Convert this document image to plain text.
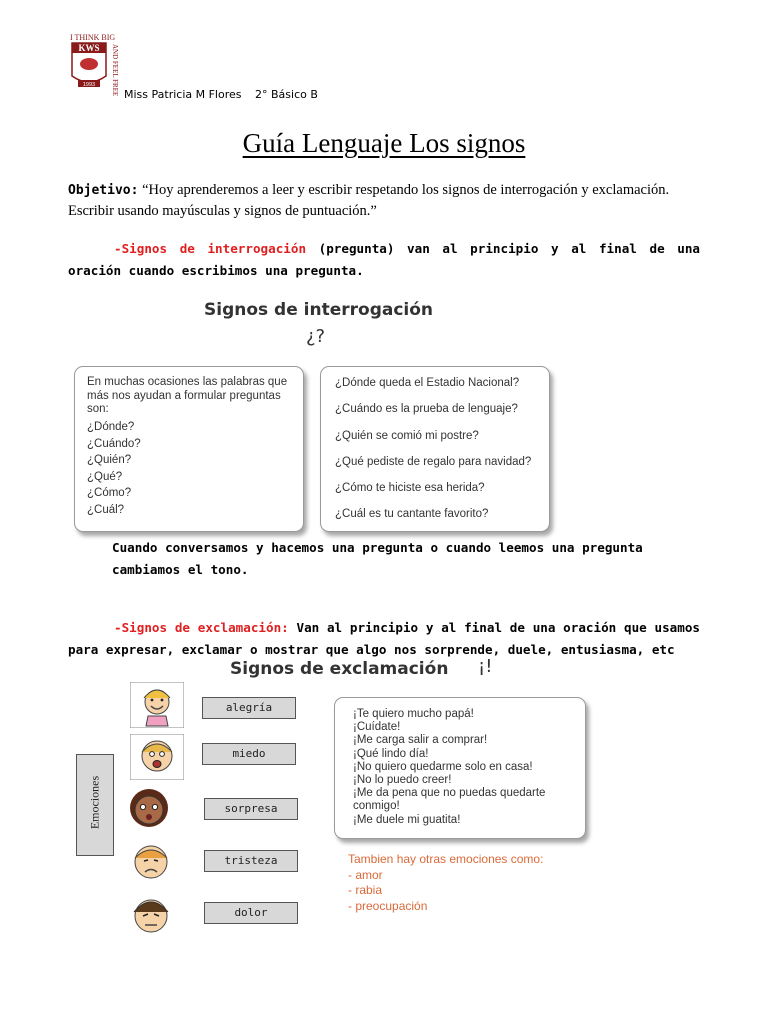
I THINK BIG
KWS
1993 AND FEEL FREE Miss Patricia M Flores 2° Básico B
Guía Lenguaje Los signos
Objetivo: “Hoy aprenderemos a leer y escribir respetando los signos de interrogación y exclamación. Escribir usando mayúsculas y signos de puntuación.”
-Signos de interrogación (pregunta) van al principio y al final de una oración cuando escribimos una pregunta.
Signos de interrogación
¿?

En muchas ocasiones las palabras que más nos ayudan a formular preguntas son:

¿Dónde?
¿Cuándo?
¿Quién?
¿Qué?
¿Cómo?
¿Cuál?
¿Dónde queda el Estadio Nacional?
¿Cuándo es la prueba de lenguaje?
¿Quién se comió mi postre?
¿Qué pediste de regalo para navidad?
¿Cómo te hiciste esa herida?
¿Cuál es tu cantante favorito?
Cuando conversamos y hacemos una pregunta o cuando leemos una pregunta cambiamos el tono.
-Signos de exclamación: Van al principio y al final de una oración que usamos para expresar, exclamar o mostrar que algo nos sorprende, duele, entusiasma, etc
Signos de exclamación ¡!
Emociones
alegría
miedo
sorpresa
tristeza
dolor
¡Te quiero mucho papá!
¡Cuídate!
¡Me carga salir a comprar!
¡Qué lindo día!
¡No quiero quedarme solo en casa!
¡No lo puedo creer!
¡Me da pena que no puedas quedarte conmigo!
¡Me duele mi guatita!
Tambien hay otras emociones como:
- amor
- rabia
- preocupación
